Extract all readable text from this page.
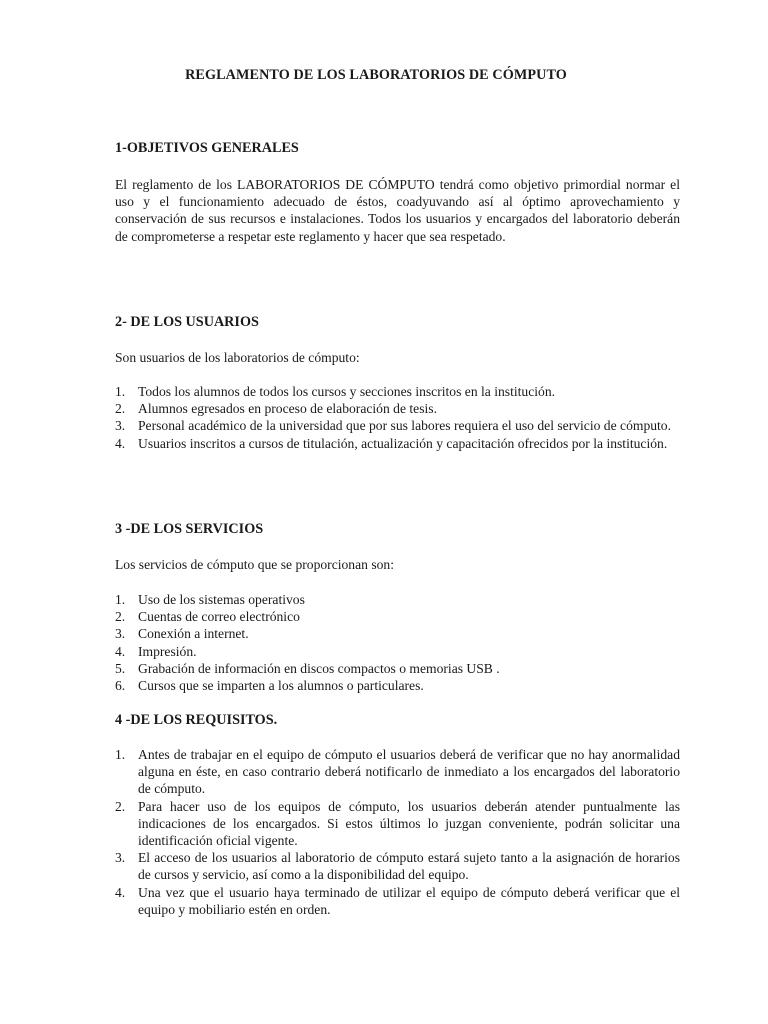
REGLAMENTO DE LOS LABORATORIOS DE CÓMPUTO
1-OBJETIVOS GENERALES

El reglamento de los LABORATORIOS DE CÓMPUTO tendrá como objetivo primordial normar el uso y el funcionamiento adecuado de éstos, coadyuvando así al óptimo aprovechamiento y conservación de sus recursos e instalaciones. Todos los usuarios y encargados del laboratorio deberán de comprometerse a respetar este reglamento y hacer que sea respetado.

2- DE LOS USUARIOS

Son usuarios de los laboratorios de cómputo:

1. Todos los alumnos de todos los cursos y secciones inscritos en la institución.
2. Alumnos egresados en proceso de elaboración de tesis.
3. Personal académico de la universidad que por sus labores requiera el uso del servicio de cómputo.
4. Usuarios inscritos a cursos de titulación, actualización y capacitación ofrecidos por la institución.
3 -DE LOS SERVICIOS

Los servicios de cómputo que se proporcionan son:

1. Uso de los sistemas operativos
2. Cuentas de correo electrónico
3. Conexión a internet.
4. Impresión.
5. Grabación de información en discos compactos o memorias USB .
6. Cursos que se imparten a los alumnos o particulares.
4 -DE LOS REQUISITOS.
1. Antes de trabajar en el equipo de cómputo el usuarios deberá de verificar que no hay anormalidad alguna en éste, en caso contrario deberá notificarlo de inmediato a los encargados del laboratorio de cómputo.
2. Para hacer uso de los equipos de cómputo, los usuarios deberán atender puntualmente las indicaciones de los encargados. Si estos últimos lo juzgan conveniente, podrán solicitar una identificación oficial vigente.
3. El acceso de los usuarios al laboratorio de cómputo estará sujeto tanto a la asignación de horarios de cursos y servicio, así como a la disponibilidad del equipo.
4. Una vez que el usuario haya terminado de utilizar el equipo de cómputo deberá verificar que el equipo y mobiliario estén en orden.
